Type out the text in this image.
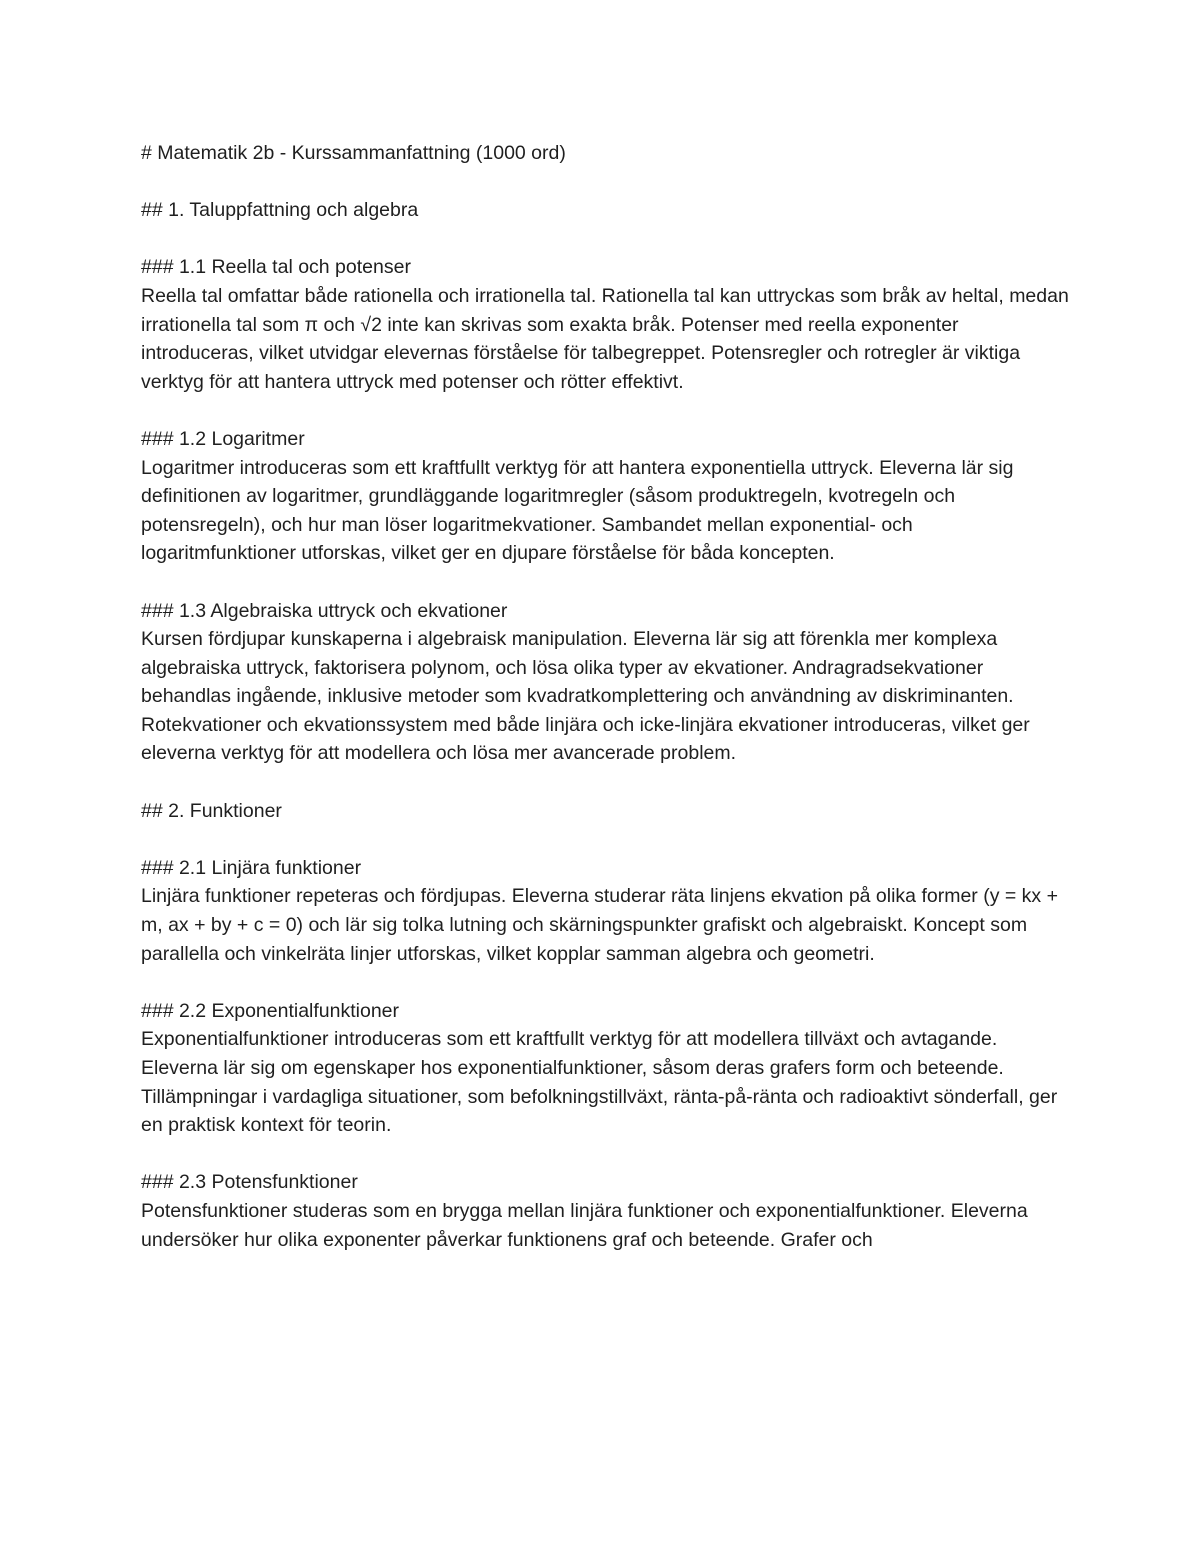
# Matematik 2b - Kurssammanfattning (1000 ord)

## 1. Taluppfattning och algebra

### 1.1 Reella tal och potenser

Reella tal omfattar både rationella och irrationella tal. Rationella tal kan uttryckas som bråk av heltal, medan irrationella tal som π och √2 inte kan skrivas som exakta bråk. Potenser med reella exponenter introduceras, vilket utvidgar elevernas förståelse för talbegreppet. Potensregler och rotregler är viktiga verktyg för att hantera uttryck med potenser och rötter effektivt.

### 1.2 Logaritmer

Logaritmer introduceras som ett kraftfullt verktyg för att hantera exponentiella uttryck. Eleverna lär sig definitionen av logaritmer, grundläggande logaritmregler (såsom produktregeln, kvotregeln och potensregeln), och hur man löser logaritmekvationer. Sambandet mellan exponential- och logaritmfunktioner utforskas, vilket ger en djupare förståelse för båda koncepten.

### 1.3 Algebraiska uttryck och ekvationer

Kursen fördjupar kunskaperna i algebraisk manipulation. Eleverna lär sig att förenkla mer komplexa algebraiska uttryck, faktorisera polynom, och lösa olika typer av ekvationer. Andragradsekvationer behandlas ingående, inklusive metoder som kvadratkomplettering och användning av diskriminanten. Rotekvationer och ekvationssystem med både linjära och icke-linjära ekvationer introduceras, vilket ger eleverna verktyg för att modellera och lösa mer avancerade problem.

## 2. Funktioner

### 2.1 Linjära funktioner

Linjära funktioner repeteras och fördjupas. Eleverna studerar räta linjens ekvation på olika former (y = kx + m, ax + by + c = 0) och lär sig tolka lutning och skärningspunkter grafiskt och algebraiskt. Koncept som parallella och vinkelräta linjer utforskas, vilket kopplar samman algebra och geometri.

### 2.2 Exponentialfunktioner

Exponentialfunktioner introduceras som ett kraftfullt verktyg för att modellera tillväxt och avtagande. Eleverna lär sig om egenskaper hos exponentialfunktioner, såsom deras grafers form och beteende. Tillämpningar i vardagliga situationer, som befolkningstillväxt, ränta-på-ränta och radioaktivt sönderfall, ger en praktisk kontext för teorin.

### 2.3 Potensfunktioner

Potensfunktioner studeras som en brygga mellan linjära funktioner och exponentialfunktioner. Eleverna undersöker hur olika exponenter påverkar funktionens graf och beteende. Grafer och
